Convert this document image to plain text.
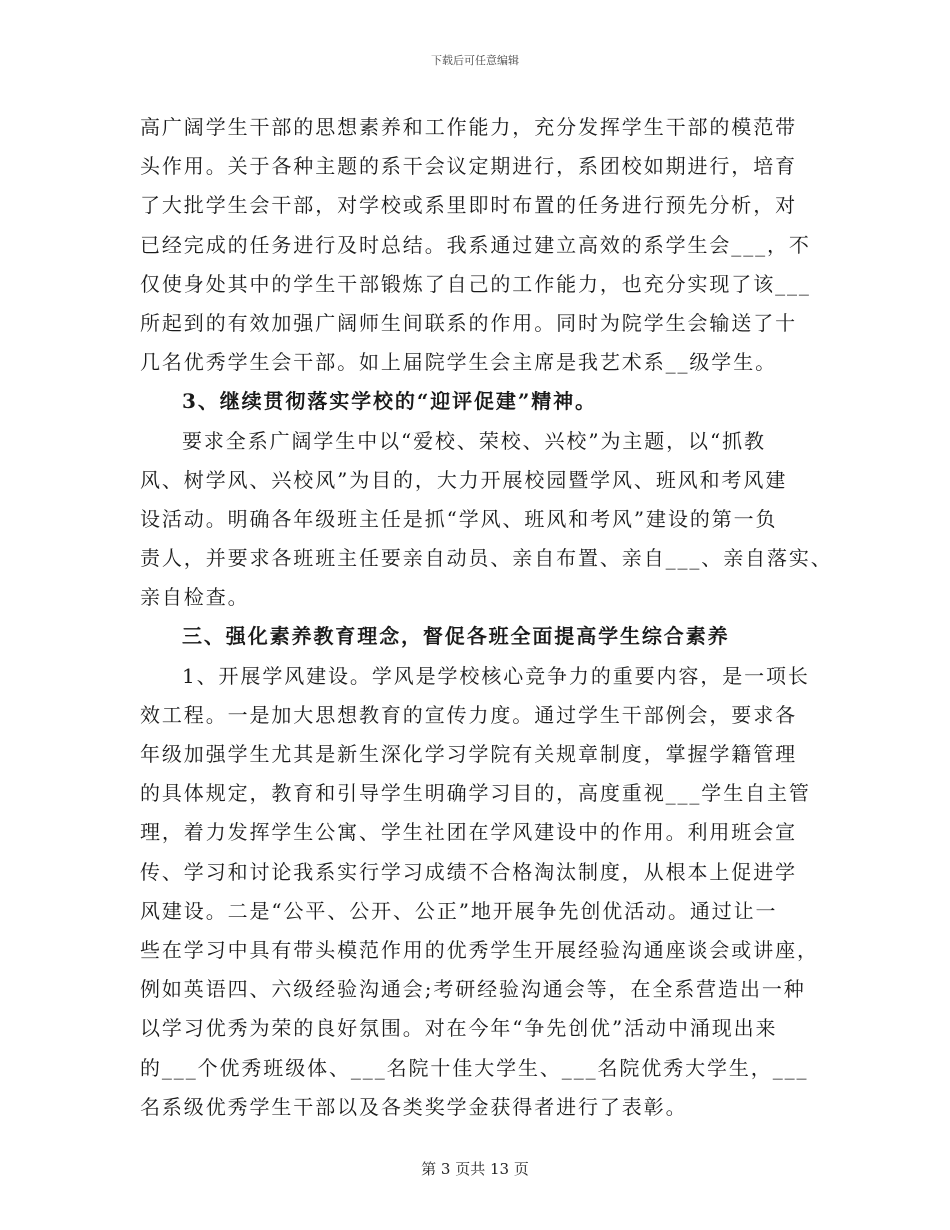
下载后可任意编辑
高广阔学生干部的思想素养和工作能力，充分发挥学生干部的模范带
头作用。关于各种主题的系干会议定期进行，系团校如期进行，培育
了大批学生会干部，对学校或系里即时布置的任务进行预先分析，对
已经完成的任务进行及时总结。我系通过建立高效的系学生会___，不
仅使身处其中的学生干部锻炼了自己的工作能力，也充分实现了该___
所起到的有效加强广阔师生间联系的作用。同时为院学生会输送了十
几名优秀学生会干部。如上届院学生会主席是我艺术系__级学生。
3、继续贯彻落实学校的“迎评促建”精神。
要求全系广阔学生中以“爱校、荣校、兴校”为主题，以“抓教
风、树学风、兴校风”为目的，大力开展校园暨学风、班风和考风建
设活动。明确各年级班主任是抓“学风、班风和考风”建设的第一负
责人，并要求各班班主任要亲自动员、亲自布置、亲自___、亲自落实、
亲自检查。
三、强化素养教育理念，督促各班全面提高学生综合素养
1、开展学风建设。学风是学校核心竞争力的重要内容，是一项长
效工程。一是加大思想教育的宣传力度。通过学生干部例会，要求各
年级加强学生尤其是新生深化学习学院有关规章制度，掌握学籍管理
的具体规定，教育和引导学生明确学习目的，高度重视___学生自主管
理，着力发挥学生公寓、学生社团在学风建设中的作用。利用班会宣
传、学习和讨论我系实行学习成绩不合格淘汰制度，从根本上促进学
风建设。二是“公平、公开、公正”地开展争先创优活动。通过让一
些在学习中具有带头模范作用的优秀学生开展经验沟通座谈会或讲座，
例如英语四、六级经验沟通会;考研经验沟通会等，在全系营造出一种
以学习优秀为荣的良好氛围。对在今年“争先创优”活动中涌现出来
的___个优秀班级体、___名院十佳大学生、___名院优秀大学生，___
名系级优秀学生干部以及各类奖学金获得者进行了表彰。
第 3 页共 13 页
